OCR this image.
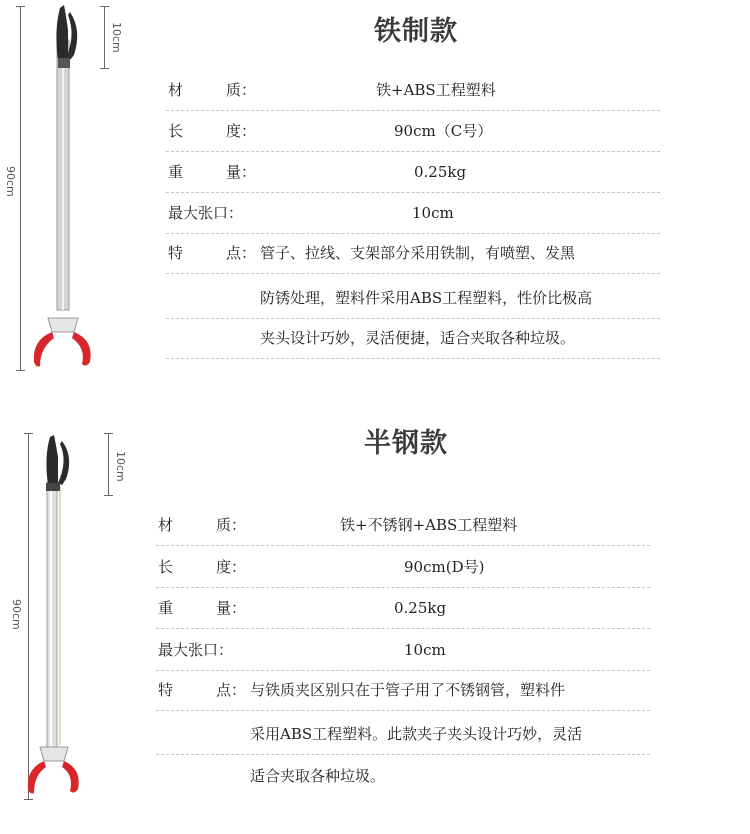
铁制款
10cm
90cm
材	质：	铁+ABS工程塑料
长	度：	90cm（C号）
重	量：	0.25kg
最大张口：	10cm
特	点： 管子、拉线、支架部分采用铁制，有喷塑、发黑
防锈处理，塑料件采用ABS工程塑料，性价比极高
夹头设计巧妙，灵活便捷，适合夹取各种垃圾。
半钢款
10cm
90cm
材	质：	铁+不锈钢+ABS工程塑料
长	度：	90cm(D号)
重	量：	0.25kg
最大张口：	10cm
特	点： 与铁质夹区别只在于管子用了不锈钢管，塑料件
采用ABS工程塑料。此款夹子夹头设计巧妙，灵活
适合夹取各种垃圾。
